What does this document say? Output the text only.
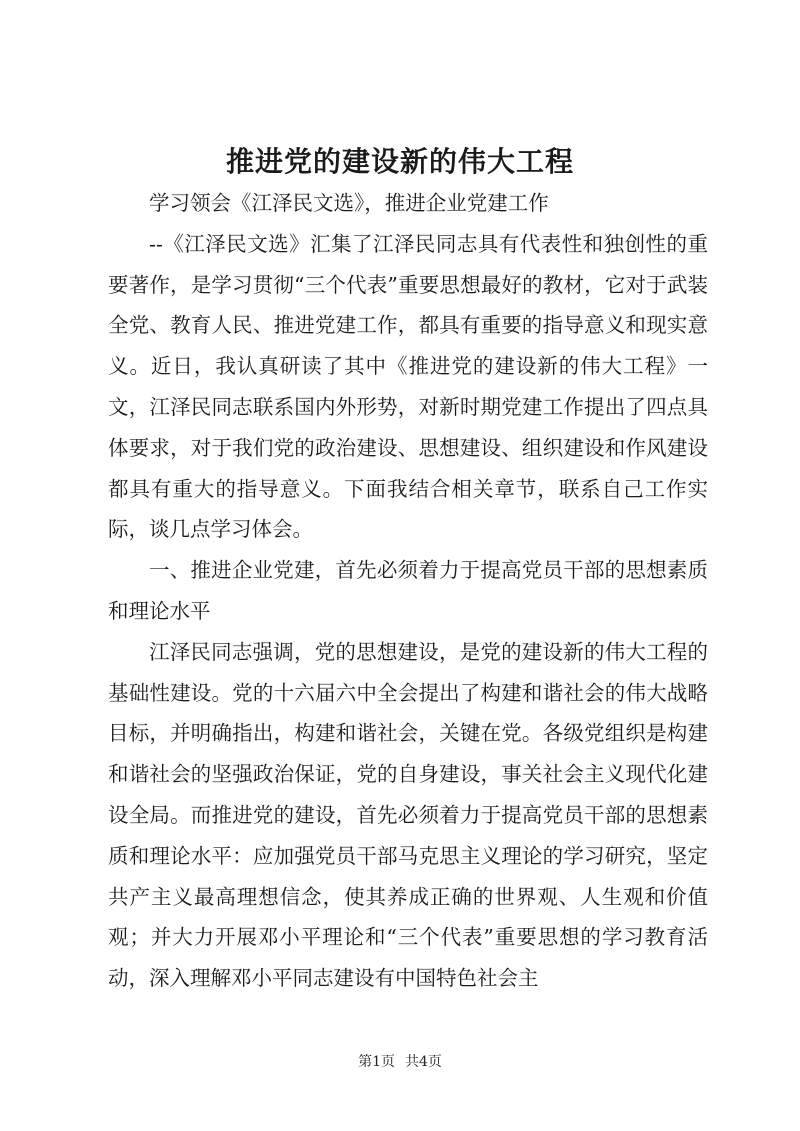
推进党的建设新的伟大工程

学习领会《江泽民文选》，推进企业党建工作

--《江泽民文选》汇集了江泽民同志具有代表性和独创性的重要著作，是学习贯彻“三个代表”重要思想最好的教材，它对于武装全党、教育人民、推进党建工作，都具有重要的指导意义和现实意义。近日，我认真研读了其中《推进党的建设新的伟大工程》一文，江泽民同志联系国内外形势，对新时期党建工作提出了四点具体要求，对于我们党的政治建设、思想建设、组织建设和作风建设都具有重大的指导意义。下面我结合相关章节，联系自己工作实际，谈几点学习体会。

一、推进企业党建，首先必须着力于提高党员干部的思想素质和理论水平

江泽民同志强调，党的思想建设，是党的建设新的伟大工程的基础性建设。党的十六届六中全会提出了构建和谐社会的伟大战略目标，并明确指出，构建和谐社会，关键在党。各级党组织是构建和谐社会的坚强政治保证，党的自身建设，事关社会主义现代化建设全局。而推进党的建设，首先必须着力于提高党员干部的思想素质和理论水平：应加强党员干部马克思主义理论的学习研究，坚定共产主义最高理想信念，使其养成正确的世界观、人生观和价值观；并大力开展邓小平理论和“三个代表”重要思想的学习教育活动，深入理解邓小平同志建设有中国特色社会主

第1页 共4页
